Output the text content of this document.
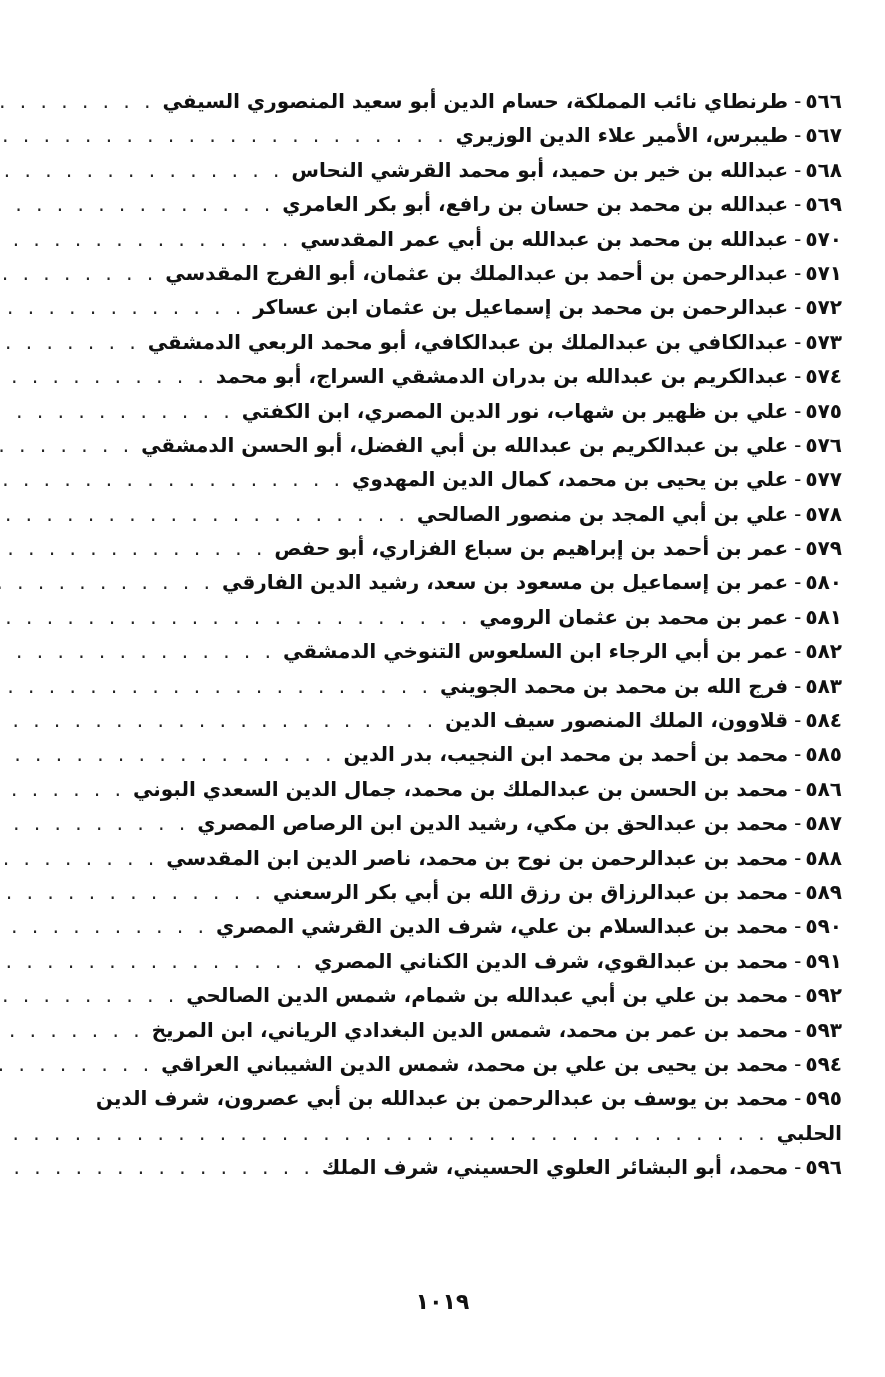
٥٦٦
-
طرنطاي نائب المملكة، حسام الدين أبو سعيد المنصوري السيفي
. . .
٥٦٧
-
طيبرس، الأمير علاء الدين الوزيري
. . .
٥٦٨
-
عبدالله بن خير بن حميد، أبو محمد القرشي النحاس
. . .
٥٦٩
-
عبدالله بن محمد بن حسان بن رافع، أبو بكر العامري
. . .
٥٧٠
-
عبدالله بن محمد بن عبدالله بن أبي عمر المقدسي
. . .
٥٧١
-
عبدالرحمن بن أحمد بن عبدالملك بن عثمان، أبو الفرج المقدسي
. . .
٥٧٢
-
عبدالرحمن بن محمد بن إسماعيل بن عثمان ابن عساكر
. . .
٥٧٣
-
عبدالكافي بن عبدالملك بن عبدالكافي، أبو محمد الربعي الدمشقي
. . .
٥٧٤
-
عبدالكريم بن عبدالله بن بدران الدمشقي السراج، أبو محمد
. . .
٥٧٥
-
علي بن ظهير بن شهاب، نور الدين المصري، ابن الكفتي
. . .
٥٧٦
-
علي بن عبدالكريم بن عبدالله بن أبي الفضل، أبو الحسن الدمشقي
. . .
٥٧٧
-
علي بن يحيى بن محمد، كمال الدين المهدوي
. . .
٥٧٨
-
علي بن أبي المجد بن منصور الصالحي
. . .
٥٧٩
-
عمر بن أحمد بن إبراهيم بن سباع الفزاري، أبو حفص
. . .
٥٨٠
-
عمر بن إسماعيل بن مسعود بن سعد، رشيد الدين الفارقي
. . .
٥٨١
-
عمر بن محمد بن عثمان الرومي
. . .
٥٨٢
-
عمر بن أبي الرجاء ابن السلعوس التنوخي الدمشقي
. . .
٥٨٣
-
فرج الله بن محمد بن محمد الجويني
. . .
٥٨٤
-
قلاوون، الملك المنصور سيف الدين
. . .
٥٨٥
-
محمد بن أحمد بن محمد ابن النجيب، بدر الدين
. . .
٥٨٦
-
محمد بن الحسن بن عبدالملك بن محمد، جمال الدين السعدي البوني
. . .
٥٨٧
-
محمد بن عبدالحق بن مكي، رشيد الدين ابن الرصاص المصري
. . .
٥٨٨
-
محمد بن عبدالرحمن بن نوح بن محمد، ناصر الدين ابن المقدسي
. . .
٥٨٩
-
محمد بن عبدالرزاق بن رزق الله بن أبي بكر الرسعني
. . .
٥٩٠
-
محمد بن عبدالسلام بن علي، شرف الدين القرشي المصري
. . .
٥٩١
-
محمد بن عبدالقوي، شرف الدين الكناني المصري
. . .
٥٩٢
-
محمد بن علي بن أبي عبدالله بن شمام، شمس الدين الصالحي
. . .
٥٩٣
-
محمد بن عمر بن محمد، شمس الدين البغدادي الرياني، ابن المريخ
. . .
٥٩٤
-
محمد بن يحيى بن علي بن محمد، شمس الدين الشيباني العراقي
. . .
٥٩٥
-
محمد بن يوسف بن عبدالرحمن بن عبدالله بن أبي عصرون، شرف الدين
الحلبي
. . .
٥٩٦
-
محمد، أبو البشائر العلوي الحسيني، شرف الملك
. . .
١٠١٩
